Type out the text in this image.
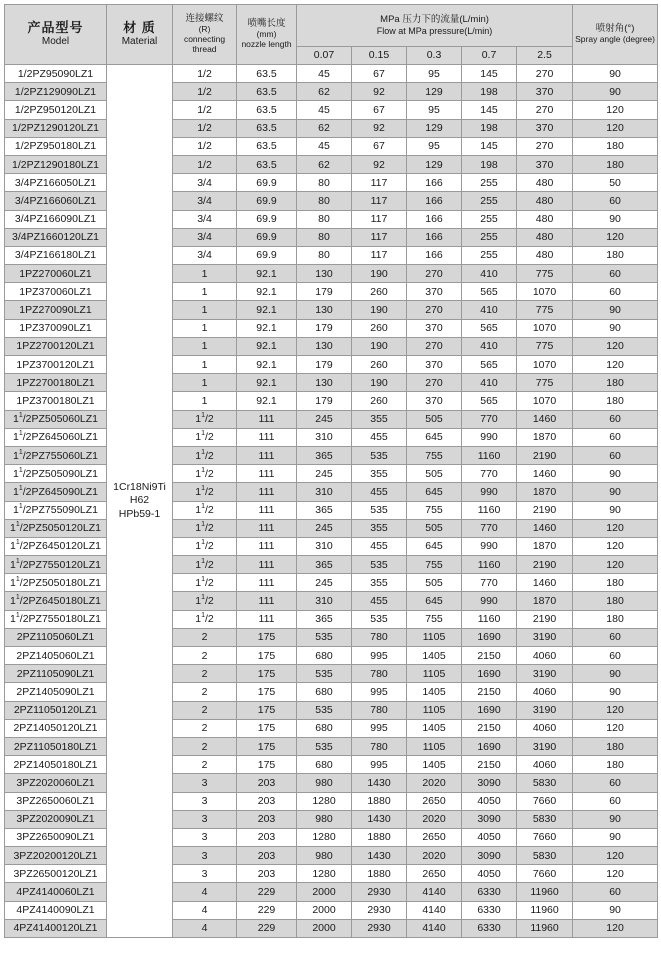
产品型号
Model	材 质
Material	连接螺纹
(R)
connecting thread	喷嘴长度
(mm)
nozzle length	MPa 压力下的流量(L/min)
Flow at MPa pressure(L/min)					喷射角(°)
Spray angle (degree)

				0.07	0.15	0.3	0.7	2.5	
1/2PZ95090LZ1	1Cr18Ni9Ti
H62
HPb59-1	1/2	63.5	45	67	95	145	270	90
1/2PZ129090LZ1		1/2	63.5	62	92	129	198	370	90
1/2PZ950120LZ1		1/2	63.5	45	67	95	145	270	120
1/2PZ1290120LZ1		1/2	63.5	62	92	129	198	370	120
1/2PZ950180LZ1		1/2	63.5	45	67	95	145	270	180
1/2PZ1290180LZ1		1/2	63.5	62	92	129	198	370	180
3/4PZ166050LZ1		3/4	69.9	80	117	166	255	480	50
3/4PZ166060LZ1		3/4	69.9	80	117	166	255	480	60
3/4PZ166090LZ1		3/4	69.9	80	117	166	255	480	90
3/4PZ1660120LZ1		3/4	69.9	80	117	166	255	480	120
3/4PZ166180LZ1		3/4	69.9	80	117	166	255	480	180
1PZ270060LZ1		1	92.1	130	190	270	410	775	60
1PZ370060LZ1		1	92.1	179	260	370	565	1070	60
1PZ270090LZ1		1	92.1	130	190	270	410	775	90
1PZ370090LZ1		1	92.1	179	260	370	565	1070	90
1PZ2700120LZ1		1	92.1	130	190	270	410	775	120
1PZ3700120LZ1		1	92.1	179	260	370	565	1070	120
1PZ2700180LZ1		1	92.1	130	190	270	410	775	180
1PZ3700180LZ1		1	92.1	179	260	370	565	1070	180
$1^1/2PZ505060LZ1$		$1^1/2$	111	245	355	505	770	1460	60
$1^1/2PZ645060LZ1$		$1^1/2$	111	310	455	645	990	1870	60
$1^1/2PZ755060LZ1$		$1^1/2$	111	365	535	755	1160	2190	60
$1^1/2PZ505090LZ1$		$1^1/2$	111	245	355	505	770	1460	90
$1^1/2PZ645090LZ1$		$1^1/2$	111	310	455	645	990	1870	90
$1^1/2PZ755090LZ1$		$1^1/2$	111	365	535	755	1160	2190	90
$1^1/2PZ5050120LZ1$		$1^1/2$	111	245	355	505	770	1460	120
$1^1/2PZ6450120LZ1$		$1^1/2$	111	310	455	645	990	1870	120
$1^1/2PZ7550120LZ1$		$1^1/2$	111	365	535	755	1160	2190	120
$1^1/2PZ5050180LZ1$		$1^1/2$	111	245	355	505	770	1460	180
$1^1/2PZ6450180LZ1$		$1^1/2$	111	310	455	645	990	1870	180
$1^1/2PZ7550180LZ1$		$1^1/2$	111	365	535	755	1160	2190	180
2PZ1105060LZ1		2	175	535	780	1105	1690	3190	60
2PZ1405060LZ1		2	175	680	995	1405	2150	4060	60
2PZ1105090LZ1		2	175	535	780	1105	1690	3190	90
2PZ1405090LZ1		2	175	680	995	1405	2150	4060	90
2PZ11050120LZ1		2	175	535	780	1105	1690	3190	120
2PZ14050120LZ1		2	175	680	995	1405	2150	4060	120
2PZ11050180LZ1		2	175	535	780	1105	1690	3190	180
2PZ14050180LZ1		2	175	680	995	1405	2150	4060	180
3PZ2020060LZ1		3	203	980	1430	2020	3090	5830	60
3PZ2650060LZ1		3	203	1280	1880	2650	4050	7660	60
3PZ2020090LZ1		3	203	980	1430	2020	3090	5830	90
3PZ2650090LZ1		3	203	1280	1880	2650	4050	7660	90
3PZ20200120LZ1		3	203	980	1430	2020	3090	5830	120
3PZ26500120LZ1		3	203	1280	1880	2650	4050	7660	120
4PZ4140060LZ1		4	229	2000	2930	4140	6330	11960	60
4PZ4140090LZ1		4	229	2000	2930	4140	6330	11960	90
4PZ41400120LZ1		4	229	2000	2930	4140	6330	11960	120
